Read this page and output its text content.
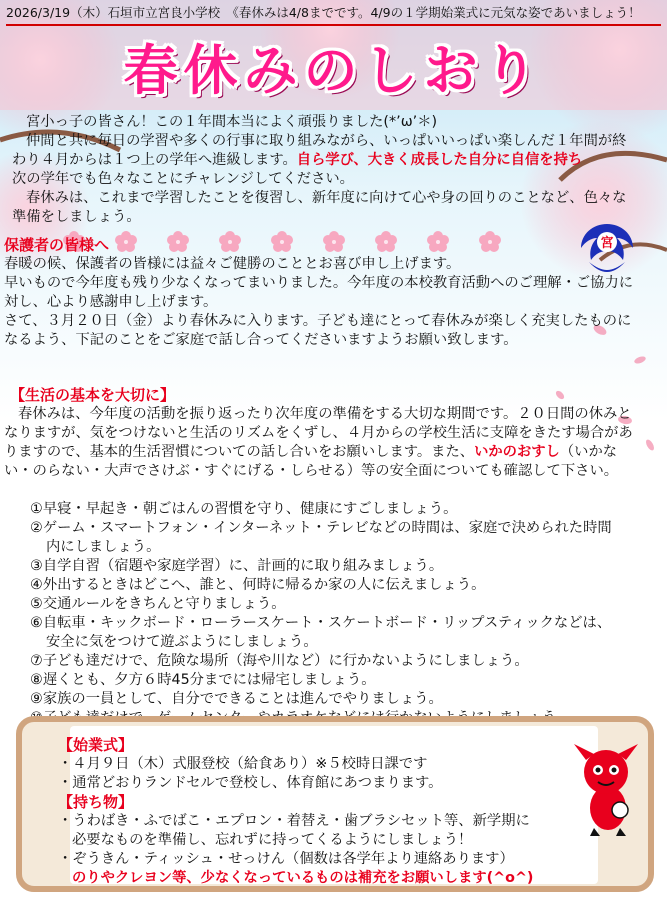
2026/3/19（木）石垣市立宮良小学校　《春休みは4/8までです。4/9の１学期始業式に元気な姿であいましょう！
春休みのしおり

宮小っ子の皆さん！この１年間本当によく頑張りました(*’ω’＊)

仲間と共に毎日の学習や多くの行事に取り組みながら、いっぱいいっぱい楽しんだ１年間が終

わり４月からは１つ上の学年へ進級します。自ら学び、大きく成長した自分に自信を持ち

次の学年でも色々なことにチャレンジしてください。

春休みは、これまで学習したことを復習し、新年度に向けて心や身の回りのことなど、色々な

準備をしましょう。

宮

保護者の皆様へ

春暖の候、保護者の皆様には益々ご健勝のこととお喜び申し上げます。

早いもので今年度も残り少なくなってまいりました。今年度の本校教育活動へのご理解・ご協力に

対し、心より感謝申し上げます。

さて、３月２０日（金）より春休みに入ります。子ども達にとって春休みが楽しく充実したものに

なるよう、下記のことをご家庭で話し合ってくださいますようお願い致します。

【生活の基本を大切に】

春休みは、今年度の活動を振り返ったり次年度の準備をする大切な期間です。２０日間の休みと

なりますが、気をつけないと生活のリズムをくずし、４月からの学校生活に支障をきたす場合があ

りますので、基本的生活習慣についての話し合いをお願いします。また、いかのおすし（いかな

い・のらない・大声でさけぶ・すぐにげる・しらせる）等の安全面についても確認して下さい。

①早寝・早起き・朝ごはんの習慣を守り、健康にすごしましょう。
②ゲーム・スマートフォン・インターネット・テレビなどの時間は、家庭で決められた時間
内にしましょう。
③自学自習（宿題や家庭学習）に、計画的に取り組みましょう。
④外出するときはどこへ、誰と、何時に帰るか家の人に伝えましょう。
⑤交通ルールをきちんと守りましょう。
⑥自転車・キックボード・ローラースケート・スケートボード・リップスティックなどは、
安全に気をつけて遊ぶようにしましょう。
⑦子ども達だけで、危険な場所（海や川など）に行かないようにしましょう。
⑧遅くとも、夕方６時45分までには帰宅しましょう。
⑨家族の一員として、自分でできることは進んでやりましょう。

【始業式】

・４月９日（木）式服登校（給食あり）※５校時日課です

・通常どおりランドセルで登校し、体育館にあつまります。

【持ち物】

・うわばき・ふでばこ・エプロン・着替え・歯ブラシセット等、新学期に

必要なものを準備し、忘れずに持ってくるようにしましょう！

・ぞうきん・ティッシュ・せっけん（個数は各学年より連絡あります）

のりやクレヨン等、少なくなっているものは補充をお願いします(^o^)
